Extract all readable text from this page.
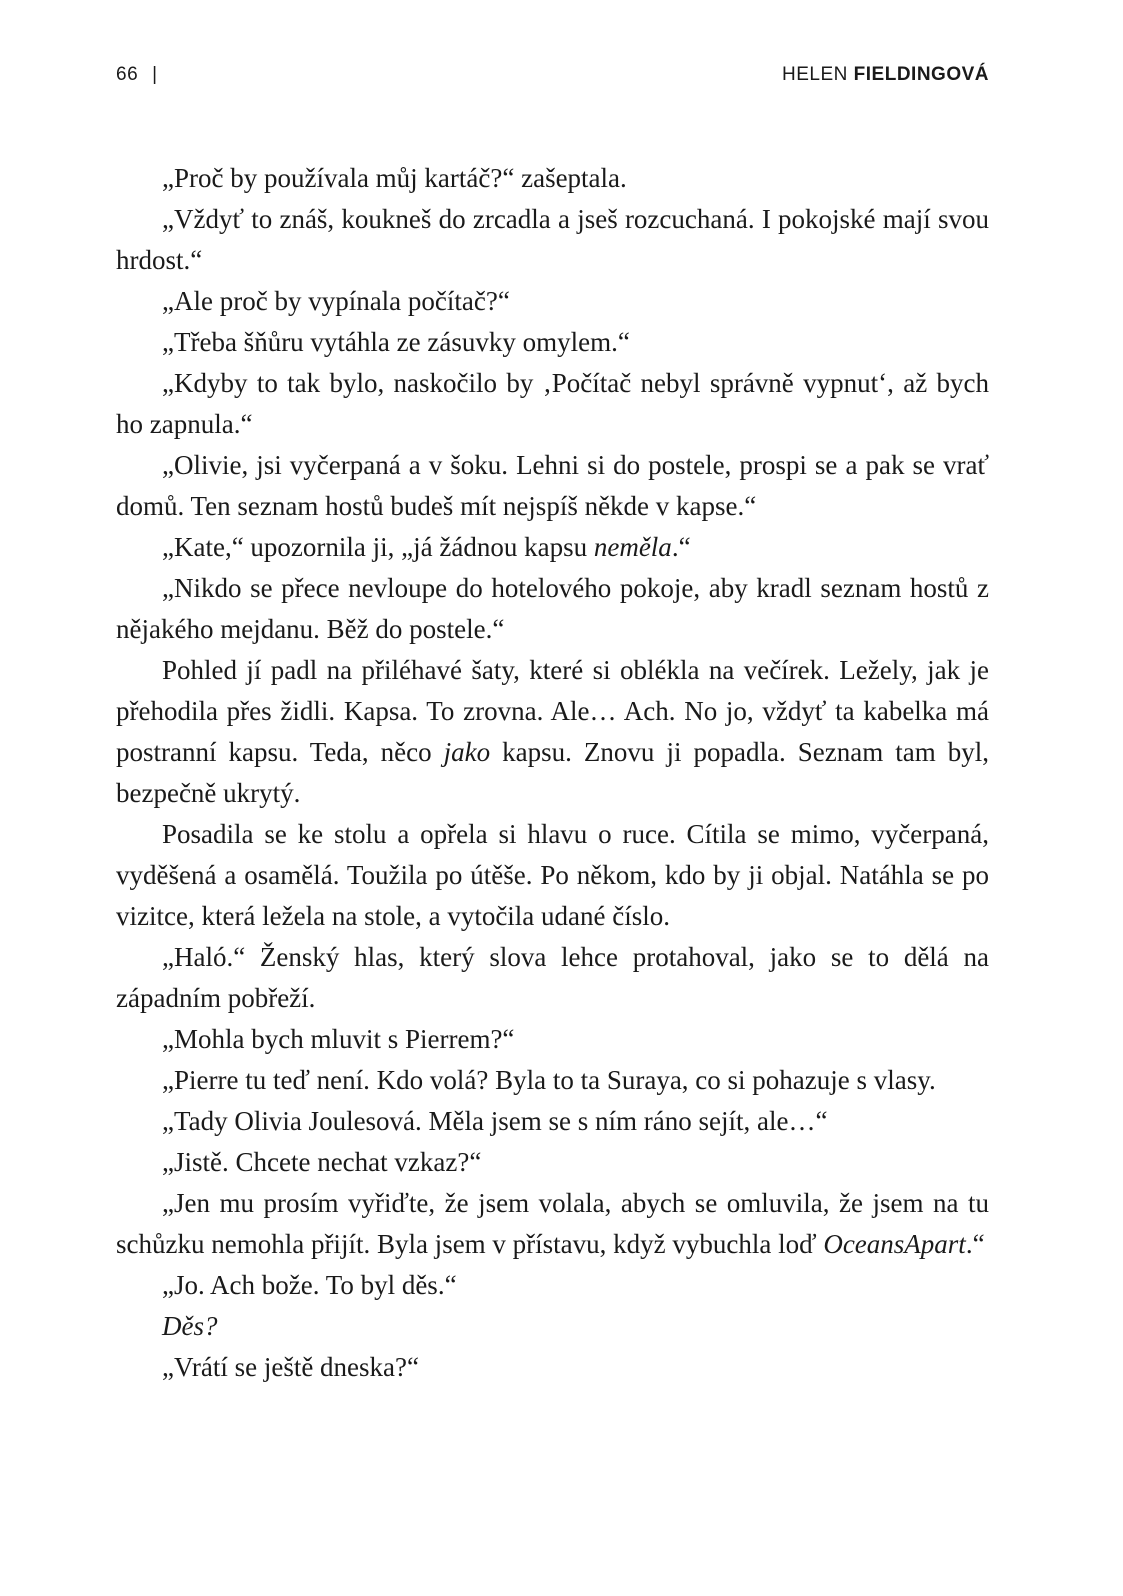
66 |	HELEN FIELDINGOVÁ

„Proč by používala můj kartáč?“ zašeptala.

„Vždyť to znáš, koukneš do zrcadla a jseš rozcuchaná. I pokojské mají svou hrdost.“

„Ale proč by vypínala počítač?“

„Třeba šňůru vytáhla ze zásuvky omylem.“

„Kdyby to tak bylo, naskočilo by ‚Počítač nebyl správně vypnut‘, až bych ho zapnula.“

„Olivie, jsi vyčerpaná a v šoku. Lehni si do postele, prospi se a pak se vrať domů. Ten seznam hostů budeš mít nejspíš někde v kapse.“

„Kate,“ upozornila ji, „já žádnou kapsu neměla.“

„Nikdo se přece nevloupe do hotelového pokoje, aby kradl seznam hostů z nějakého mejdanu. Běž do postele.“

Pohled jí padl na přiléhavé šaty, které si oblékla na večírek. Ležely, jak je přehodila přes židli. Kapsa. To zrovna. Ale… Ach. No jo, vždyť ta kabelka má postranní kapsu. Teda, něco jako kapsu. Znovu ji popadla. Seznam tam byl, bezpečně ukrytý.

Posadila se ke stolu a opřela si hlavu o ruce. Cítila se mimo, vyčerpaná, vyděšená a osamělá. Toužila po útěše. Po někom, kdo by ji objal. Natáhla se po vizitce, která ležela na stole, a vytočila udané číslo.

„Haló.“ Ženský hlas, který slova lehce protahoval, jako se to dělá na západním pobřeží.

„Mohla bych mluvit s Pierrem?“

„Pierre tu teď není. Kdo volá? Byla to ta Suraya, co si pohazuje s vlasy.

„Tady Olivia Joulesová. Měla jsem se s ním ráno sejít, ale…“

„Jistě. Chcete nechat vzkaz?“

„Jen mu prosím vyřiďte, že jsem volala, abych se omluvila, že jsem na tu schůzku nemohla přijít. Byla jsem v přístavu, když vybuchla loď OceansApart.“

„Jo. Ach bože. To byl děs.“

Děs?

„Vrátí se ještě dneska?“
